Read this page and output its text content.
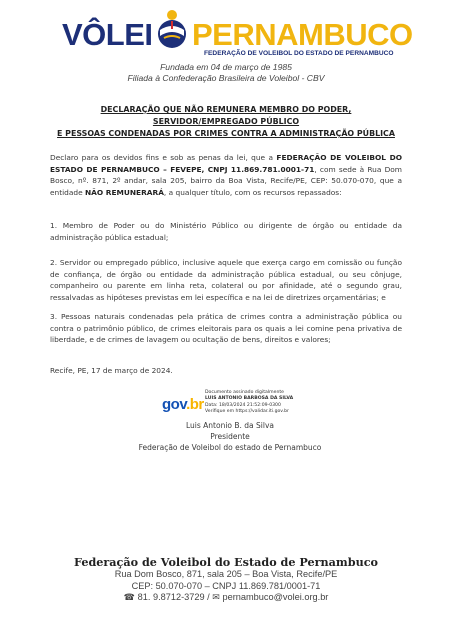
VÔLEI PERNAMBUCO
FEDERAÇÃO DE VOLEIBOL DO ESTADO DE PERNAMBUCO
Fundada em 04 de março de 1985
Filiada à Confederação Brasileira de Voleibol - CBV
DECLARAÇÃO QUE NÃO REMUNERA MEMBRO DO PODER, SERVIDOR/EMPREGADO PÚBLICO
E PESSOAS CONDENADAS POR CRIMES CONTRA A ADMINISTRAÇÃO PÚBLICA
Declaro para os devidos fins e sob as penas da lei, que a FEDERAÇÃO DE VOLEIBOL DO ESTADO DE PERNAMBUCO – FEVEPE, CNPJ 11.869.781.0001-71, com sede à Rua Dom Bosco, nº. 871, 2º andar, sala 205, bairro da Boa Vista, Recife/PE, CEP: 50.070-070, que a entidade NÃO REMUNERARÁ, a qualquer título, com os recursos repassados:
1. Membro de Poder ou do Ministério Público ou dirigente de órgão ou entidade da administração pública estadual;
2. Servidor ou empregado público, inclusive aquele que exerça cargo em comissão ou função de confiança, de órgão ou entidade da administração pública estadual, ou seu cônjuge, companheiro ou parente em linha reta, colateral ou por afinidade, até o segundo grau, ressalvadas as hipóteses previstas em lei específica e na lei de diretrizes orçamentárias; e
3. Pessoas naturais condenadas pela prática de crimes contra a administração pública ou contra o patrimônio público, de crimes eleitorais para os quais a lei comine pena privativa de liberdade, e de crimes de lavagem ou ocultação de bens, direitos e valores;
Recife, PE, 17 de março de 2024.
gov.br
Documento assinado digitalmente
LUIS ANTONIO BARBOSA DA SILVA
Data: 18/03/2024 21:52:09-0300
Verifique em https://validar.iti.gov.br
Luis Antonio B. da Silva
Presidente
Federação de Voleibol do estado de Pernambuco
Federação de Voleibol do Estado de Pernambuco
Rua Dom Bosco, 871, sala 205 – Boa Vista, Recife/PE
CEP: 50.070-070 – CNPJ 11.869.781/0001-71
☎ 81. 9.8712-3729 / ✉ pernambuco@volei.org.br
